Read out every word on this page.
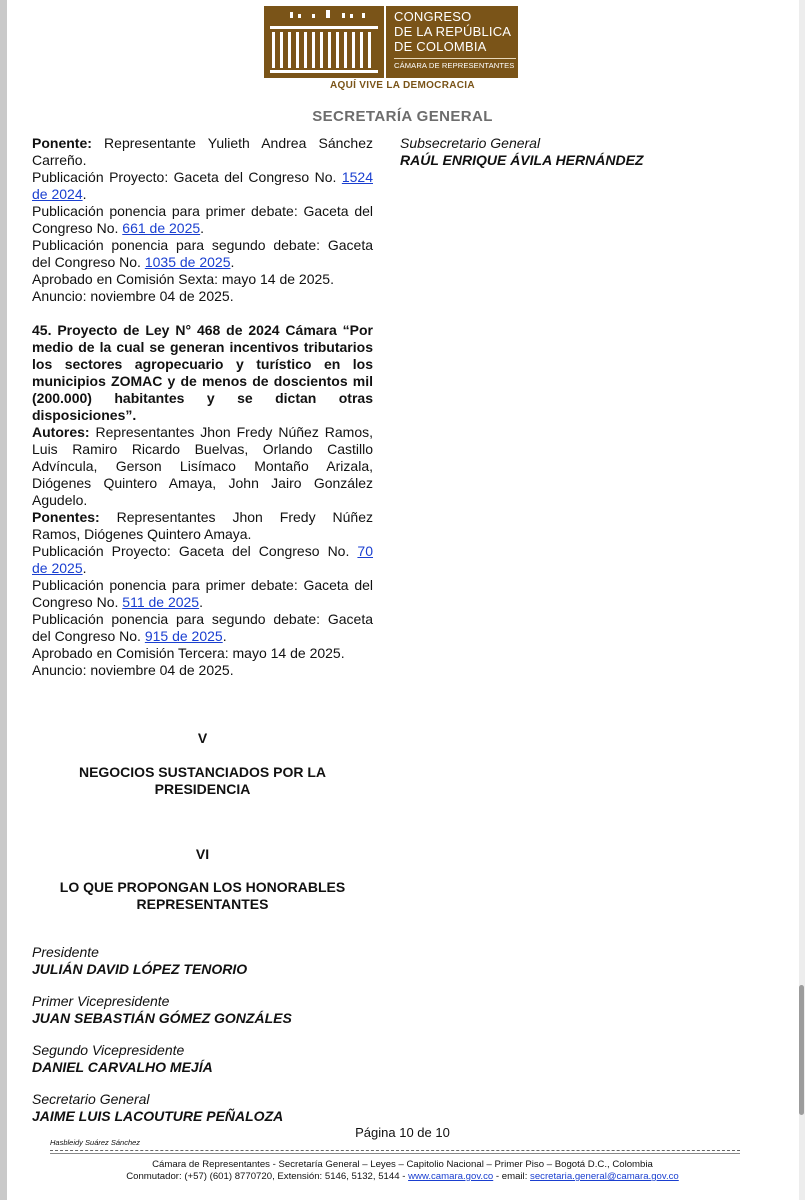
CONGRESO
DE LA REPÚBLICA
DE COLOMBIA
CÁMARA DE REPRESENTANTES
AQUÍ VIVE LA DEMOCRACIA
SECRETARÍA GENERAL
Ponente: Representante Yulieth Andrea Sánchez
Carreño.
Publicación Proyecto: Gaceta del Congreso No. 1524
de 2024.
Publicación ponencia para primer debate: Gaceta del
Congreso No. 661 de 2025.
Publicación ponencia para segundo debate: Gaceta
del Congreso No. 1035 de 2025.
Aprobado en Comisión Sexta: mayo 14 de 2025.
Anuncio: noviembre 04 de 2025.
45. Proyecto de Ley N° 468 de 2024 Cámara “Por
medio de la cual se generan incentivos tributarios
los sectores agropecuario y turístico en los
municipios ZOMAC y de menos de doscientos mil
(200.000) habitantes y se dictan otras
disposiciones”.
Autores: Representantes Jhon Fredy Núñez Ramos,
Luis Ramiro Ricardo Buelvas, Orlando Castillo
Advíncula, Gerson Lisímaco Montaño Arizala,
Diógenes Quintero Amaya, John Jairo González
Agudelo.
Ponentes: Representantes Jhon Fredy Núñez
Ramos, Diógenes Quintero Amaya.
Publicación Proyecto: Gaceta del Congreso No. 70
de 2025.
Publicación ponencia para primer debate: Gaceta del
Congreso No. 511 de 2025.
Publicación ponencia para segundo debate: Gaceta
del Congreso No. 915 de 2025.
Aprobado en Comisión Tercera: mayo 14 de 2025.
Anuncio: noviembre 04 de 2025.
V
NEGOCIOS SUSTANCIADOS POR LA
PRESIDENCIA
VI
LO QUE PROPONGAN LOS HONORABLES
REPRESENTANTES
Presidente
JULIÁN DAVID LÓPEZ TENORIO
Primer Vicepresidente
JUAN SEBASTIÁN GÓMEZ GONZÁLES
Segundo Vicepresidente
DANIEL CARVALHO MEJÍA
Secretario General
JAIME LUIS LACOUTURE PEÑALOZA
Subsecretario General
RAÚL ENRIQUE ÁVILA HERNÁNDEZ
Página 10 de 10
Hasbleidy Suárez Sánchez
Cámara de Representantes - Secretaría General – Leyes – Capitolio Nacional – Primer Piso – Bogotá D.C., Colombia
Conmutador: (+57) (601) 8770720, Extensión: 5146, 5132, 5144 - www.camara.gov.co - email: secretaria.general@camara.gov.co
